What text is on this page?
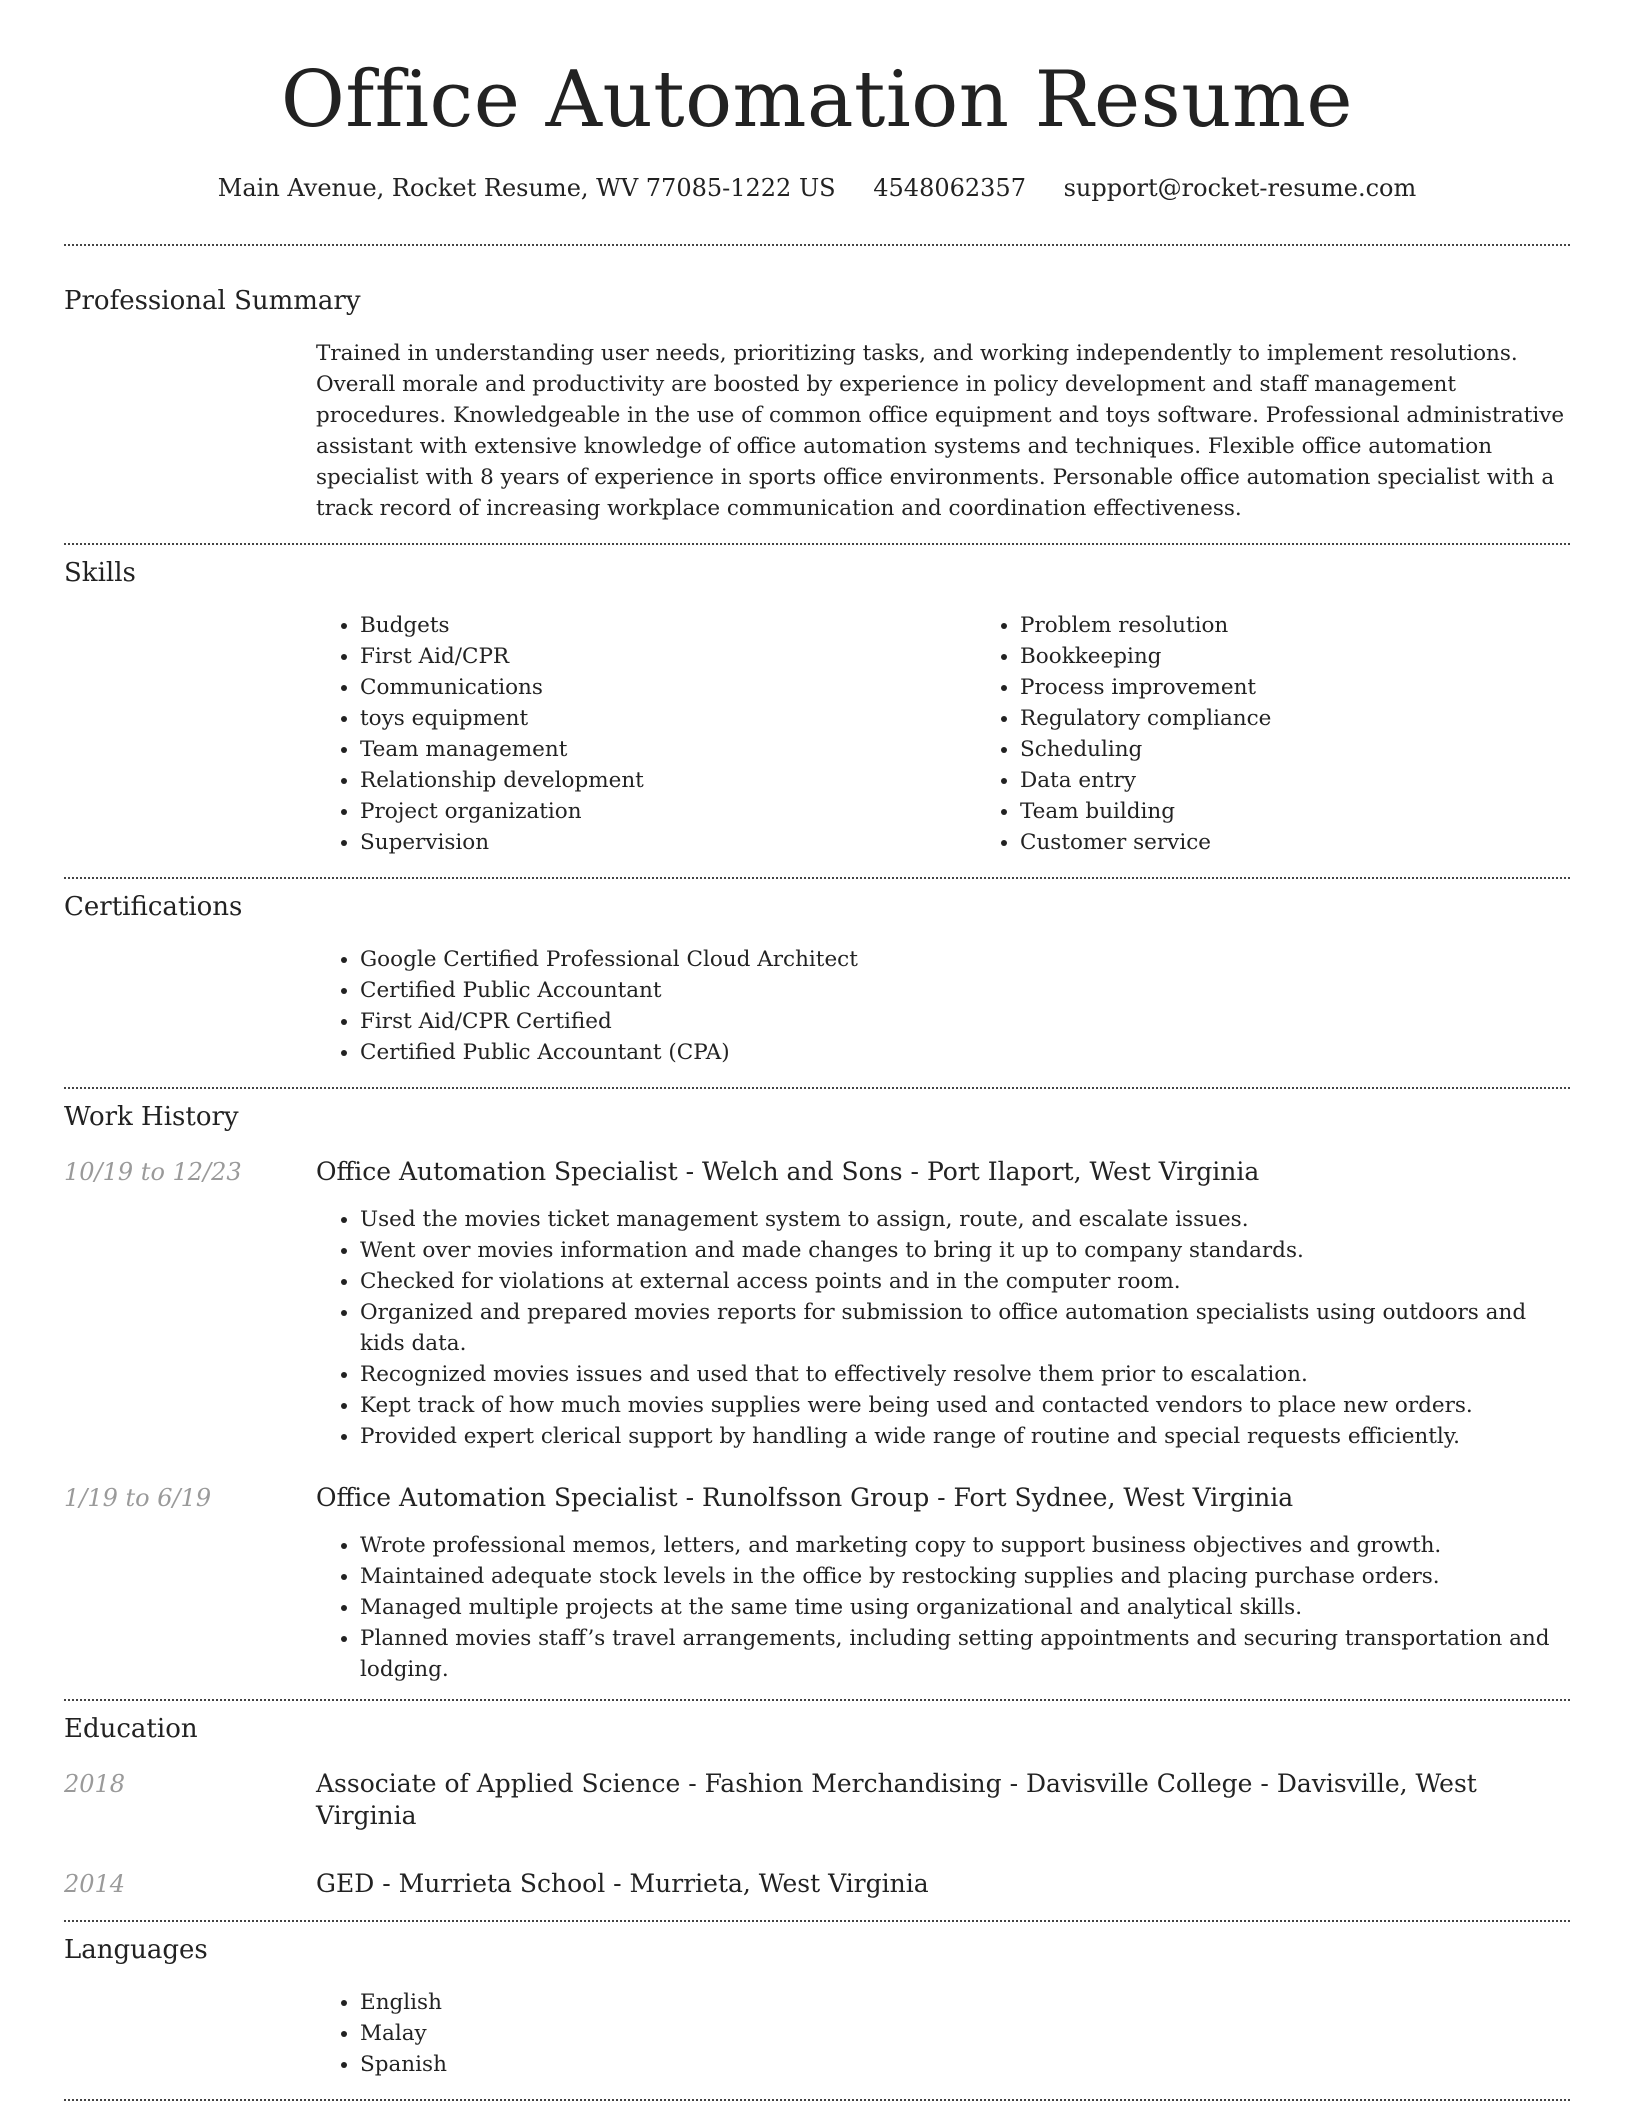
Office Automation Resume
Main Avenue, Rocket Resume, WV 77085-1222 US 4548062357 support@rocket-resume.com
Professional Summary

Trained in understanding user needs, prioritizing tasks, and working independently to implement resolutions. Overall morale and productivity are boosted by experience in policy development and staff management procedures. Knowledgeable in the use of common office equipment and toys software. Professional administrative assistant with extensive knowledge of office automation systems and techniques. Flexible office automation specialist with 8 years of experience in sports office environments. Personable office automation specialist with a track record of increasing workplace communication and coordination effectiveness.

Skills
• Budgets
• First Aid/CPR
• Communications
• toys equipment
• Team management
• Relationship development
• Project organization
• Supervision
• Problem resolution
• Bookkeeping
• Process improvement
• Regulatory compliance
• Scheduling
• Data entry
• Team building
• Customer service
Certifications
• Google Certified Professional Cloud Architect
• Certified Public Accountant
• First Aid/CPR Certified
• Certified Public Accountant (CPA)
Work History
10/19 to 12/23	Office Automation Specialist - Welch and Sons - Port Ilaport, West Virginia
• Used the movies ticket management system to assign, route, and escalate issues.
• Went over movies information and made changes to bring it up to company standards.
• Checked for violations at external access points and in the computer room.
• Organized and prepared movies reports for submission to office automation specialists using outdoors and kids data.
• Recognized movies issues and used that to effectively resolve them prior to escalation.
• Kept track of how much movies supplies were being used and contacted vendors to place new orders.
• Provided expert clerical support by handling a wide range of routine and special requests efficiently.
1/19 to 6/19	Office Automation Specialist - Runolfsson Group - Fort Sydnee, West Virginia
• Wrote professional memos, letters, and marketing copy to support business objectives and growth.
• Maintained adequate stock levels in the office by restocking supplies and placing purchase orders.
• Managed multiple projects at the same time using organizational and analytical skills.
• Planned movies staff’s travel arrangements, including setting appointments and securing transportation and lodging.
Education
2018	Associate of Applied Science - Fashion Merchandising - Davisville College - Davisville, West Virginia
2014	GED - Murrieta School - Murrieta, West Virginia
Languages
• English
• Malay
• Spanish
